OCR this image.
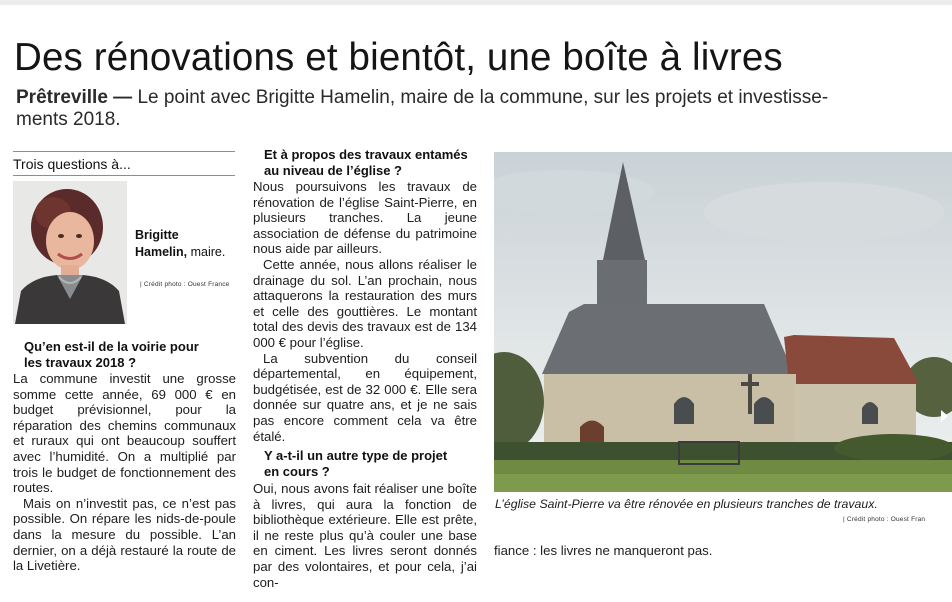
Des rénovations et bientôt, une boîte à livres

Prêtreville — Le point avec Brigitte Hamelin, maire de la commune, sur les projets et investisse-ments 2018.

Trois questions à...
Brigitte
Hamelin, maire.
| Crédit photo : Ouest France

Qu’en est-il de la voirie pour les travaux 2018 ?

La commune investit une grosse somme cette année, 69 000 € en budget prévisionnel, pour la réparation des chemins communaux et ruraux qui ont beaucoup souffert avec l’humidité. On a multiplié par trois le budget de fonctionnement des routes.

Mais on n’investit pas, ce n’est pas possible. On répare les nids-de-poule dans la mesure du possible. L’an dernier, on a déjà restauré la route de la Livetière.

Et à propos des travaux entamés au niveau de l’église ?

Nous poursuivons les travaux de rénovation de l’église Saint-Pierre, en plusieurs tranches. La jeune association de défense du patrimoine nous aide par ailleurs.

Cette année, nous allons réaliser le drainage du sol. L’an prochain, nous attaquerons la restauration des murs et celle des gouttières. Le montant total des devis des travaux est de 134 000 € pour l’église.

La subvention du conseil départemental, en équipement, budgétisée, est de 32 000 €. Elle sera donnée sur quatre ans, et je ne sais pas encore comment cela va être étalé.

Y a-t-il un autre type de projet en cours ?

Oui, nous avons fait réaliser une boîte à livres, qui aura la fonction de bibliothèque extérieure. Elle est prête, il ne reste plus qu’à couler une base en ciment. Les livres seront donnés par des volontaires, et pour cela, j’ai con-

L’église Saint-Pierre va être rénovée en plusieurs tranches de travaux.
| Crédit photo : Ouest Fran
fiance : les livres ne manqueront pas.
